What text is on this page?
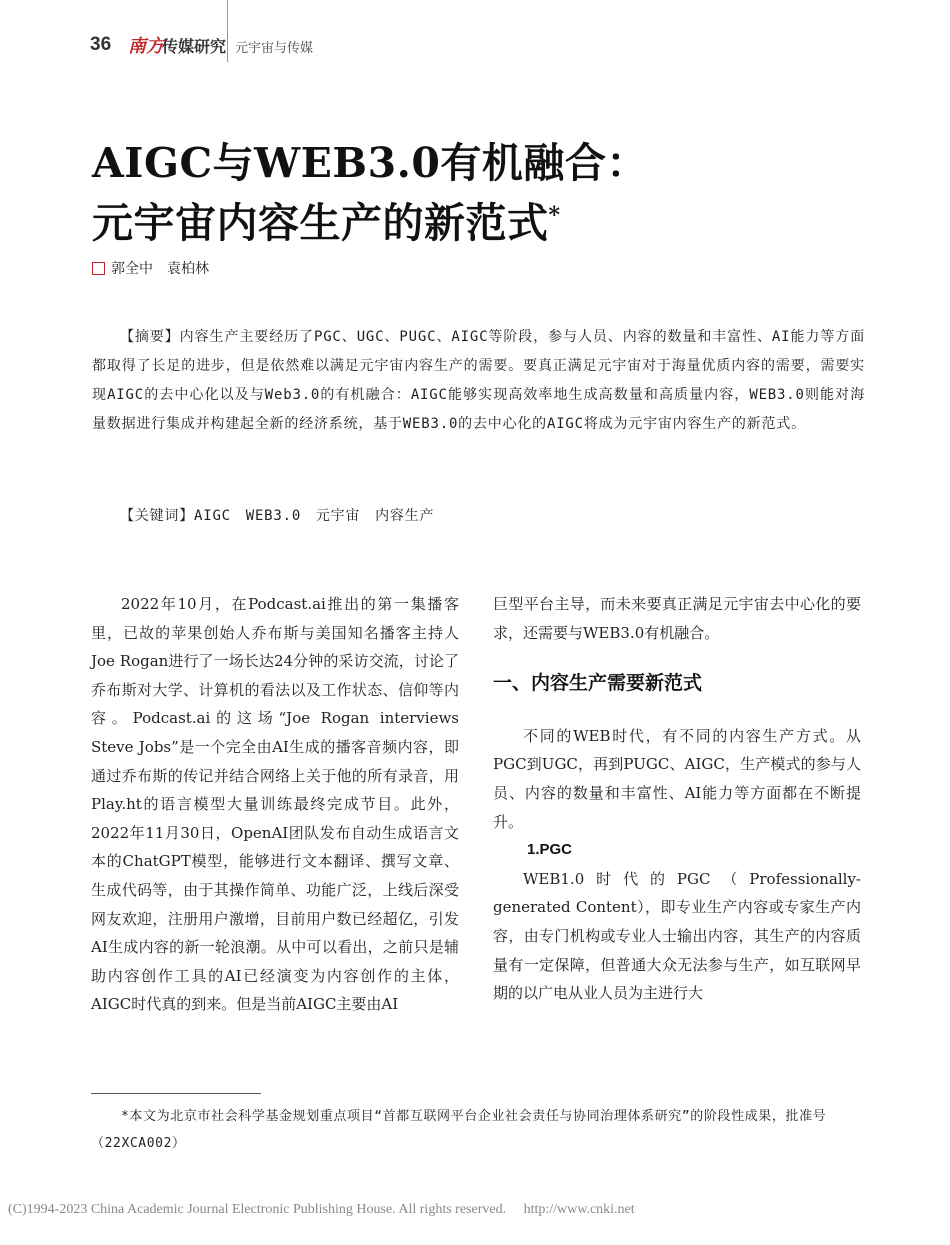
36 南方
传媒研究 元宇宙与传媒
AIGC与WEB3.0有机融合：
元宇宙内容生产的新范式*
郭全中　袁柏林
【摘要】内容生产主要经历了PGC、UGC、PUGC、AIGC等阶段，参与人员、内容的数量和丰富性、AI能力等方面都取得了长足的进步，但是依然难以满足元宇宙内容生产的需要。要真正满足元宇宙对于海量优质内容的需要，需要实现AIGC的去中心化以及与Web3.0的有机融合：AIGC能够实现高效率地生成高数量和高质量内容，WEB3.0则能对海量数据进行集成并构建起全新的经济系统，基于WEB3.0的去中心化的AIGC将成为元宇宙内容生产的新范式。
【关键词】AIGC　WEB3.0　元宇宙　内容生产

2022年10月，在Podcast.ai推出的第一集播客里，已故的苹果创始人乔布斯与美国知名播客主持人Joe Rogan进行了一场长达24分钟的采访交流，讨论了乔布斯对大学、计算机的看法以及工作状态、信仰等内容。Podcast.ai的这场“Joe Rogan interviews Steve Jobs”是一个完全由AI生成的播客音频内容，即通过乔布斯的传记并结合网络上关于他的所有录音，用Play.ht的语言模型大量训练最终完成节目。此外，2022年11月30日，OpenAI团队发布自动生成语言文本的ChatGPT模型，能够进行文本翻译、撰写文章、生成代码等，由于其操作简单、功能广泛，上线后深受网友欢迎，注册用户激增，目前用户数已经超亿，引发AI生成内容的新一轮浪潮。从中可以看出，之前只是辅助内容创作工具的AI已经演变为内容创作的主体，AIGC时代真的到来。但是当前AIGC主要由AI

巨型平台主导，而未来要真正满足元宇宙去中心化的要求，还需要与WEB3.0有机融合。

一、内容生产需要新范式

不同的WEB时代，有不同的内容生产方式。从PGC到UGC，再到PUGC、AIGC，生产模式的参与人员、内容的数量和丰富性、AI能力等方面都在不断提升。

1.PGC

WEB1.0时代的PGC（Professionally-generated Content），即专业生产内容或专家生产内容，由专门机构或专业人士输出内容，其生产的内容质量有一定保障，但普通大众无法参与生产，如互联网早期的以广电从业人员为主进行大

*本文为北京市社会科学基金规划重点项目“首都互联网平台企业社会责任与协同治理体系研究”的阶段性成果，批准号（22XCA002）
(C)1994-2023 China Academic Journal Electronic Publishing House. All rights reserved.　 http://www.cnki.net
